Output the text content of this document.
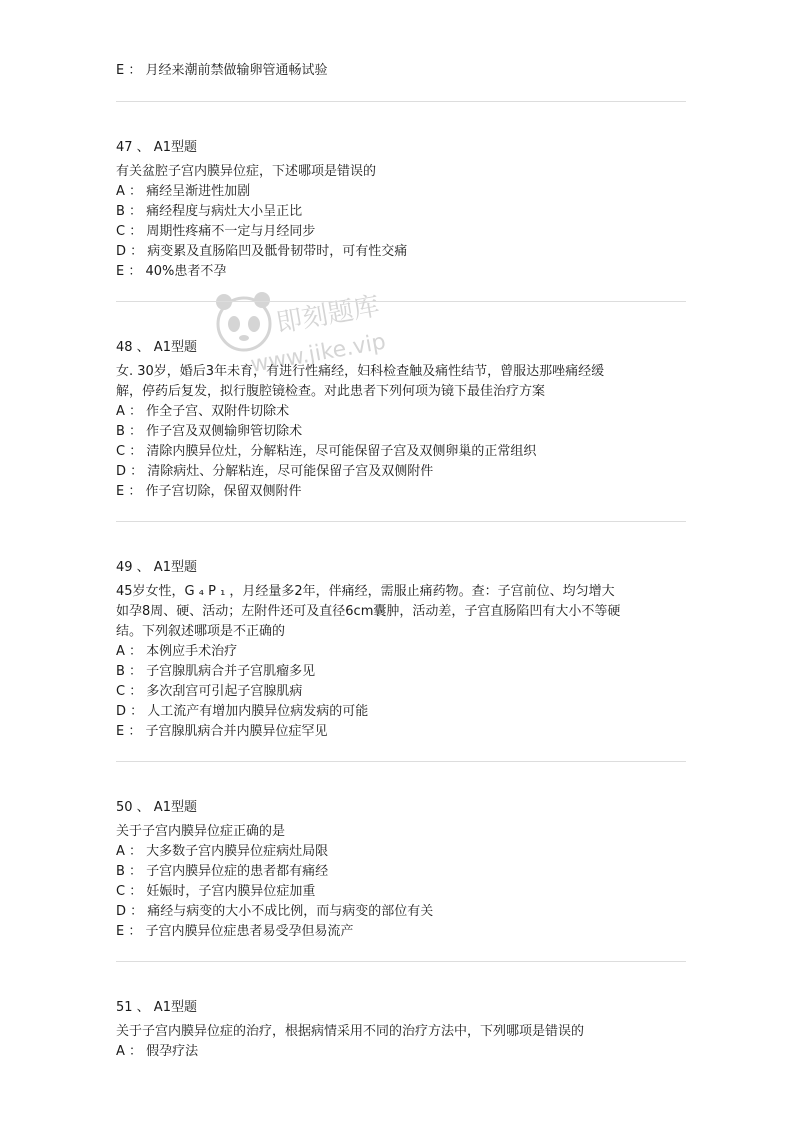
即刻题库
www.jike.vip
E ： 月经来潮前禁做输卵管通畅试验
47 、 A1型题
有关盆腔子宫内膜异位症，下述哪项是错误的
A ： 痛经呈渐进性加剧
B ： 痛经程度与病灶大小呈正比
C ： 周期性疼痛不一定与月经同步
D ： 病变累及直肠陷凹及骶骨韧带时，可有性交痛
E ： 40%患者不孕
48 、 A1型题
女. 30岁，婚后3年未育，有进行性痛经，妇科检查触及痛性结节，曾服达那唑痛经缓
解，停药后复发，拟行腹腔镜检查。对此患者下列何项为镜下最佳治疗方案
A ： 作全子宫、双附件切除术
B ： 作子宫及双侧输卵管切除术
C ： 清除内膜异位灶，分解粘连，尽可能保留子宫及双侧卵巢的正常组织
D ： 清除病灶、分解粘连，尽可能保留子宫及双侧附件
E ： 作子宫切除，保留双侧附件
49 、 A1型题
45岁女性，G ₄ P ₁ ，月经量多2年，伴痛经，需服止痛药物。查：子宫前位、均匀增大
如孕8周、硬、活动；左附件还可及直径6cm囊肿，活动差，子宫直肠陷凹有大小不等硬
结。下列叙述哪项是不正确的
A ： 本例应手术治疗
B ： 子宫腺肌病合并子宫肌瘤多见
C ： 多次刮宫可引起子宫腺肌病
D ： 人工流产有增加内膜异位病发病的可能
E ： 子宫腺肌病合并内膜异位症罕见
50 、 A1型题
关于子宫内膜异位症正确的是
A ： 大多数子宫内膜异位症病灶局限
B ： 子宫内膜异位症的患者都有痛经
C ： 妊娠时，子宫内膜异位症加重
D ： 痛经与病变的大小不成比例，而与病变的部位有关
E ： 子宫内膜异位症患者易受孕但易流产
51 、 A1型题
关于子宫内膜异位症的治疗，根据病情采用不同的治疗方法中，下列哪项是错误的
A ： 假孕疗法
